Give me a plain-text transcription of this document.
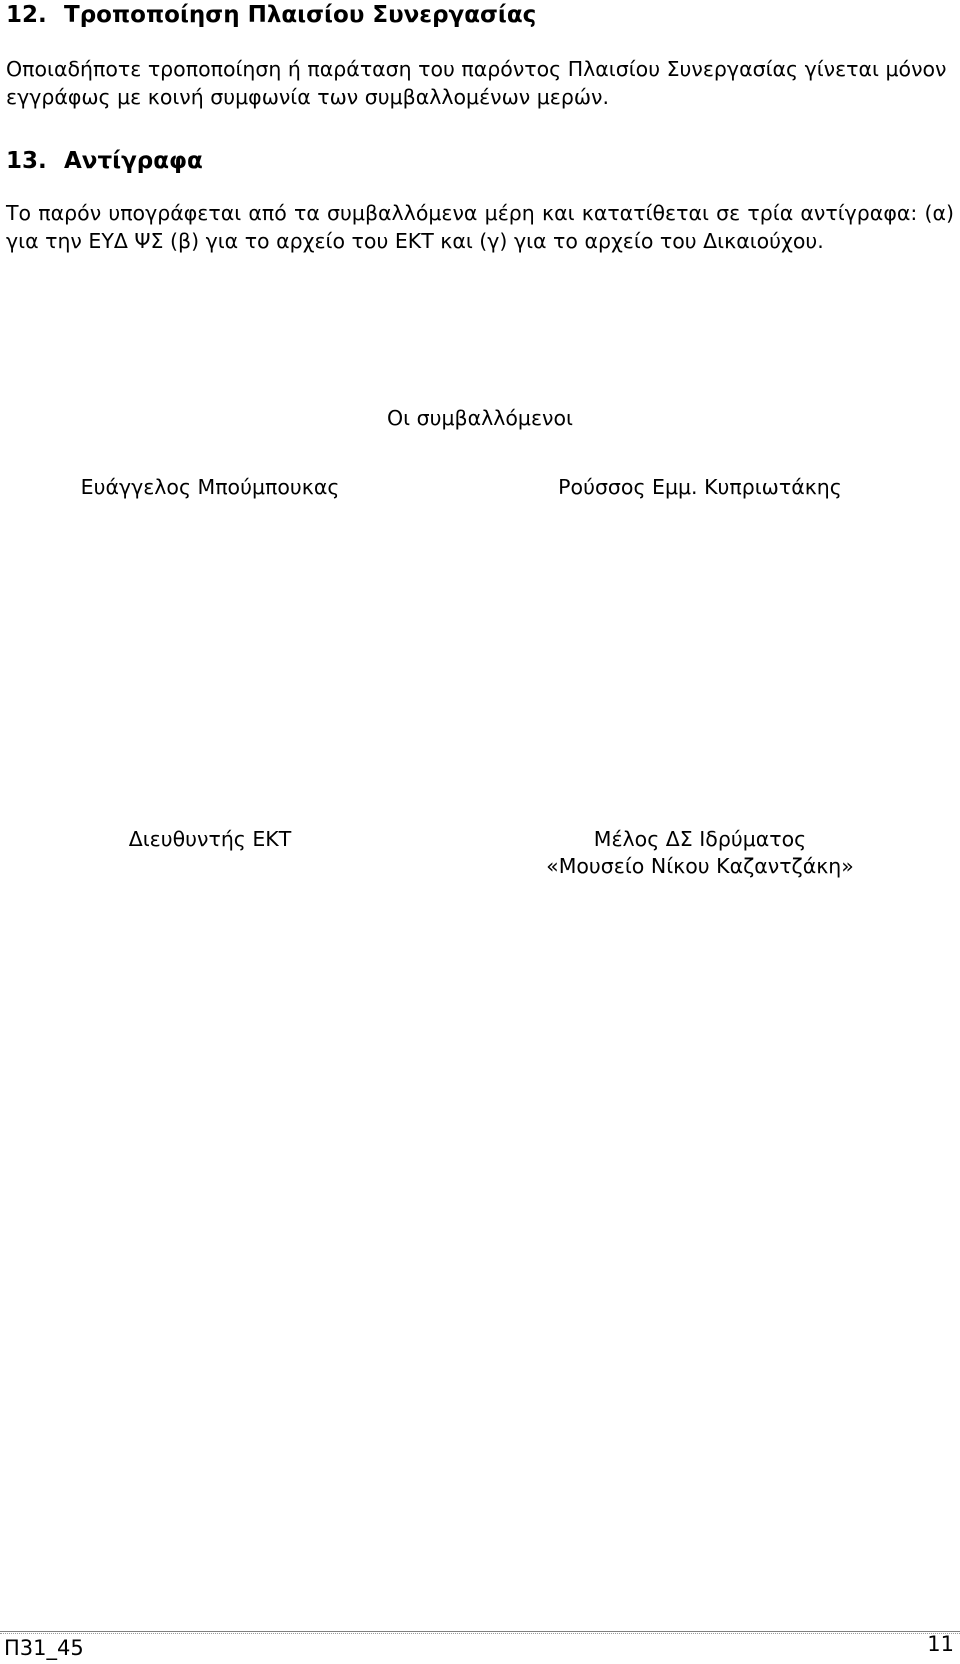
12. Τροποποίηση Πλαισίου Συνεργασίας

Οποιαδήποτε τροποποίηση ή παράταση του παρόντος Πλαισίου Συνεργασίας γίνεται μόνον εγγράφως με κοινή συμφωνία των συμβαλλομένων μερών.

13. Αντίγραφα

Το παρόν υπογράφεται από τα συμβαλλόμενα μέρη και κατατίθεται σε τρία αντίγραφα: (α) για την ΕΥΔ ΨΣ (β) για το αρχείο του ΕΚΤ και (γ) για το αρχείο του Δικαιούχου.

Οι συμβαλλόμενοι
Ευάγγελος Μπούμπουκας	Ρούσσος Εμμ. Κυπριωτάκης
Διευθυντής ΕΚΤ	Μέλος ΔΣ Ιδρύματος
«Μουσείο Νίκου Καζαντζάκη»
Π31_45	11
